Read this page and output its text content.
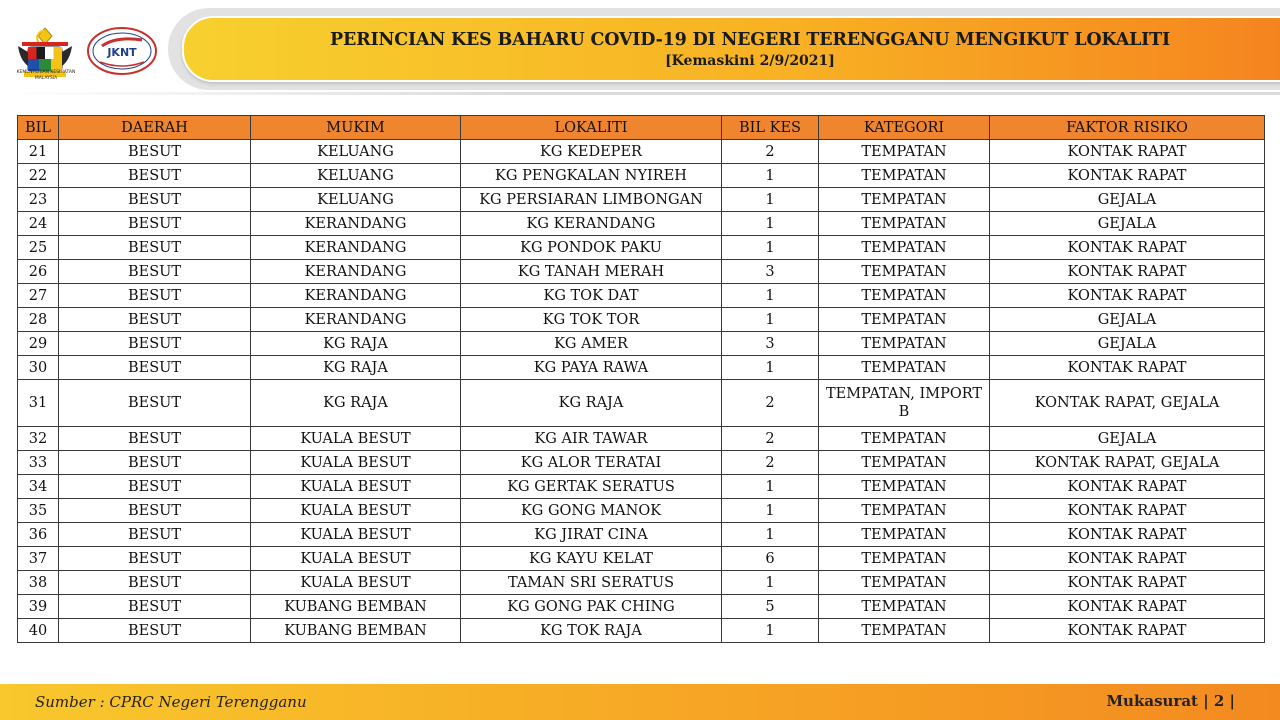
KEMENTERIAN KESIHATAN MALAYSIA
JKNT
PERINCIAN KES BAHARU COVID-19 DI NEGERI TERENGGANU MENGIKUT LOKALITI
[Kemaskini 2/9/2021]
BIL	DAERAH	MUKIM	LOKALITI	BIL KES	KATEGORI	FAKTOR RISIKO
21	BESUT	KELUANG	KG KEDEPER	2	TEMPATAN	KONTAK RAPAT
22	BESUT	KELUANG	KG PENGKALAN NYIREH	1	TEMPATAN	KONTAK RAPAT
23	BESUT	KELUANG	KG PERSIARAN LIMBONGAN	1	TEMPATAN	GEJALA
24	BESUT	KERANDANG	KG KERANDANG	1	TEMPATAN	GEJALA
25	BESUT	KERANDANG	KG PONDOK PAKU	1	TEMPATAN	KONTAK RAPAT
26	BESUT	KERANDANG	KG TANAH MERAH	3	TEMPATAN	KONTAK RAPAT
27	BESUT	KERANDANG	KG TOK DAT	1	TEMPATAN	KONTAK RAPAT
28	BESUT	KERANDANG	KG TOK TOR	1	TEMPATAN	GEJALA
29	BESUT	KG RAJA	KG AMER	3	TEMPATAN	GEJALA
30	BESUT	KG RAJA	KG PAYA RAWA	1	TEMPATAN	KONTAK RAPAT
31	BESUT	KG RAJA	KG RAJA	2	TEMPATAN, IMPORT B	KONTAK RAPAT, GEJALA
32	BESUT	KUALA BESUT	KG AIR TAWAR	2	TEMPATAN	GEJALA
33	BESUT	KUALA BESUT	KG ALOR TERATAI	2	TEMPATAN	KONTAK RAPAT, GEJALA
34	BESUT	KUALA BESUT	KG GERTAK SERATUS	1	TEMPATAN	KONTAK RAPAT
35	BESUT	KUALA BESUT	KG GONG MANOK	1	TEMPATAN	KONTAK RAPAT
36	BESUT	KUALA BESUT	KG JIRAT CINA	1	TEMPATAN	KONTAK RAPAT
37	BESUT	KUALA BESUT	KG KAYU KELAT	6	TEMPATAN	KONTAK RAPAT
38	BESUT	KUALA BESUT	TAMAN SRI SERATUS	1	TEMPATAN	KONTAK RAPAT
39	BESUT	KUBANG BEMBAN	KG GONG PAK CHING	5	TEMPATAN	KONTAK RAPAT
40	BESUT	KUBANG BEMBAN	KG TOK RAJA	1	TEMPATAN	KONTAK RAPAT
Sumber : CPRC Negeri Terengganu	Mukasurat | 2 |
